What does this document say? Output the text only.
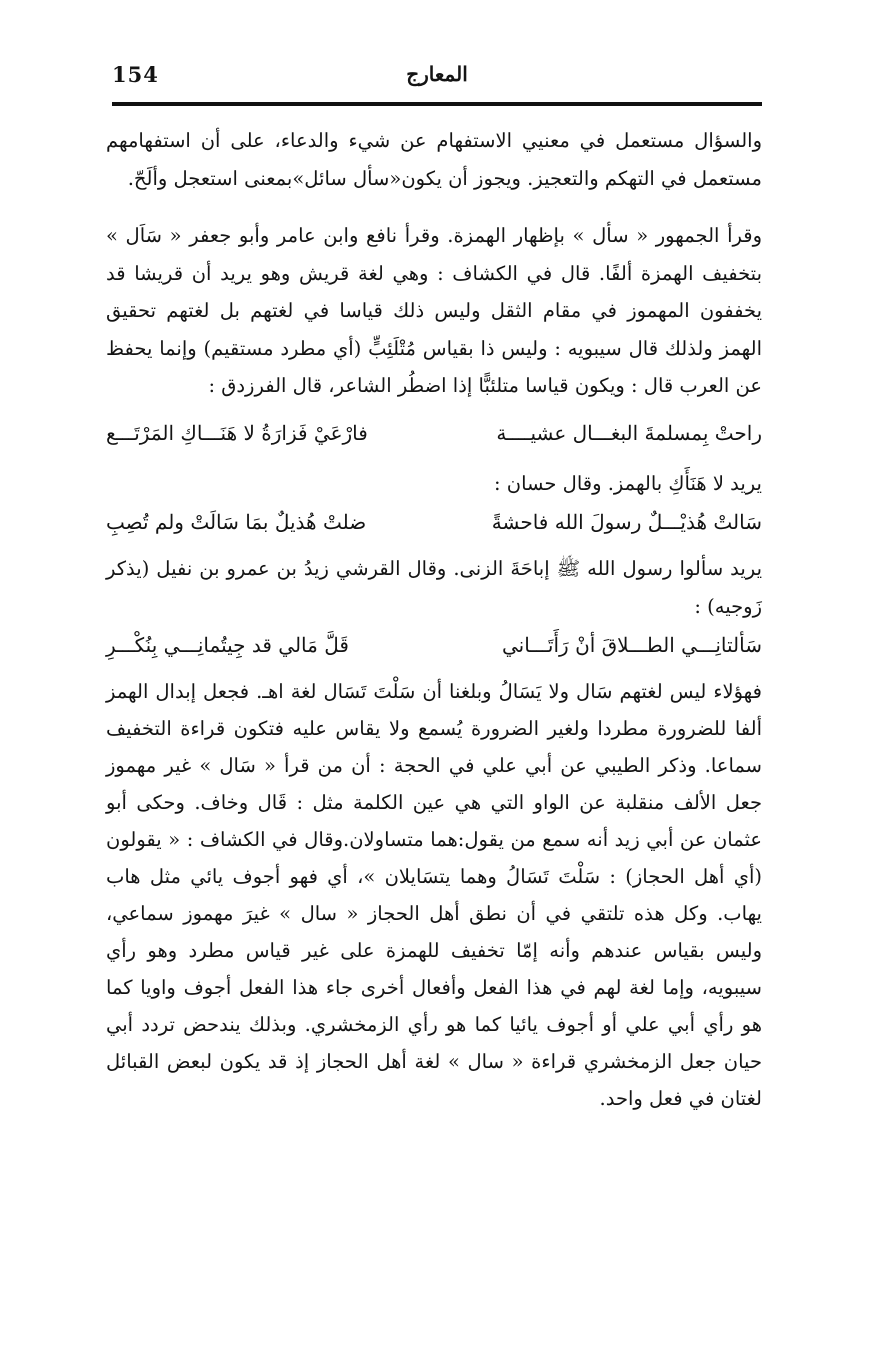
154	المعارج

والسؤال مستعمل في معنيي الاستفهام عن شيء والدعاء، على أن استفهامهم مستعمل في التهكم والتعجيز. ويجوز أن يكون«سأل سائل»بمعنى استعجل وألَحّ.

وقرأ الجمهور « سأل » بإظهار الهمزة. وقرأ نافع وابن عامر وأبو جعفر « سَاَل » بتخفيف الهمزة ألفًا. قال في الكشاف : وهي لغة قريش وهو يريد أن قريشا قد يخففون المهموز في مقام الثقل وليس ذلك قياسا في لغتهم بل لغتهم تحقيق الهمز ولذلك قال سيبويه : وليس ذا بقياس مُتْلَئِبٍّ (أي مطرد مستقيم) وإنما يحفظ عن العرب قال : ويكون قياسا متلئبًّا إذا اضطُر الشاعر، قال الفرزدق :

راحتْ بِمسلمةَ البغـــال عشيــــة
فارْعَيْ فَزارَةُ لا هَنَـــاكِ المَرْتَـــع

يريد لا هَنَأَكِ بالهمز. وقال حسان :

سَالتْ هُذيْـــلٌ رسولَ الله فاحشةً
ضلتْ هُذيلٌ بمَا سَالَتْ ولم تُصِبِ

يريد سألوا رسول الله ﷺ إباحَةَ الزنى. وقال القرشي زيدُ بن عمرو بن نفيل (يذكر زَوجيه) :

سَألتانِـــي الطـــلاقَ أنْ رَأَتَـــاني
قَلَّ مَالي قد جِيتُمانِـــي بِنُكْـــرِ

فهؤلاء ليس لغتهم سَال ولا يَسَالُ وبلغنا أن سَلْتَ تَسَال لغة اهـ. فجعل إبدال الهمز ألفا للضرورة مطردا ولغير الضرورة يُسمع ولا يقاس عليه فتكون قراءة التخفيف سماعا. وذكر الطيبي عن أبي علي في الحجة : أن من قرأ « سَال » غير مهموز جعل الألف منقلبة عن الواو التي هي عين الكلمة مثل : قَال وخاف. وحكى أبو عثمان عن أبي زيد أنه سمع من يقول:هما متساولان.وقال في الكشاف : « يقولون (أي أهل الحجاز) : سَلْتَ تَسَالُ وهما يتسَايلان »، أي فهو أجوف يائي مثل هاب يهاب. وكل هذه تلتقي في أن نطق أهل الحجاز « سال » غيرَ مهموز سماعي، وليس بقياس عندهم وأنه إمّا تخفيف للهمزة على غير قياس مطرد وهو رأي سيبويه، وإما لغة لهم في هذا الفعل وأفعال أخرى جاء هذا الفعل أجوف واويا كما هو رأي أبي علي أو أجوف يائيا كما هو رأي الزمخشري. وبذلك يندحض تردد أبي حيان جعل الزمخشري قراءة « سال » لغة أهل الحجاز إذ قد يكون لبعض القبائل لغتان في فعل واحد.
